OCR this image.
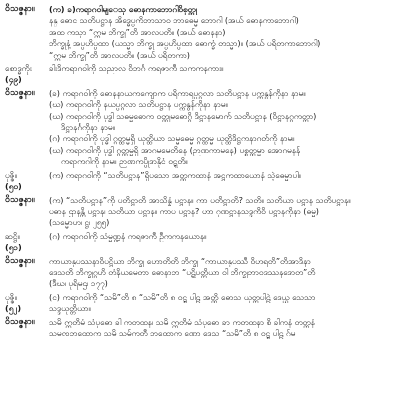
ဝိသဇ္ဇနာ။	(က) ခ)ကရာဂဝါမျ​ေသု ဓောနကာဘောဂါဝိစုတ္တု
နန္ ဓောင သတိပဋ္ဌာန အိဒ္ဓေပ္ပကိဘာသာဝ ဘာဓေမ္မ ဘောဂါ (အယ် ဓောနကာဘောဂါ)
အထ ကသှာ “ဣမ ဘိက္ခု”တိ အာလပတိ။ (အယ် ဓောနနာ)
ဘိက္ခုနံ့ အပ္ပဟိပ္ပထာ (ယသ္မာ ဘိက္ခု အပ္ပဟိပ္ပထာ ဓောက္ခံ တသ္မာ)။ (အယ် ပရိတကာဘောဂါ)
“ဣမ ဘိက္ခု”တိ အာလပတိ။ (အယ် ပရိတကာ)
စောဒ္ဓကိုး
(၄၉)
ခါးဒိကရာဂဝါကို သညာလ ဝိဘင်္ဂ ကရဇာကီ သကကနကား။
ဝိသဇ္ဇနာ။	(ခ) ကရာဂဝါကို ဓောနနာယကကျောက ပရိကာရပ္ပဂ္ဂလာ သတိပဋ္ဌာန ပက္ကနွန်ကိုနာ နာမ။
(ဃ) ကရာဂဝါကို နယပ္ပဂ္ဂလာ သတိပဋ္ဌာန ပက္ကနွန်ကိုနာ နာမ။
(ဃ) ကရာဂဝါကို ပုဒ္ဓါ သဓမ္မဓောက ဝတ္ထုမဓောဂ္ဂိ ဒိဋ္ဌာနမောက် သတိပဋ္ဌာန (ဝိဋ္ဌာနဂ္ဂကတ္တာ)
ဒိဋ္ဌာနင်္ဂကိုနာ နာမ။
(ဂ) ကရာဂဝါကို ပုဒ္ဓါ ဂ္ဂတ္ထမ္မရှိ ယုတ္ထိယာ သမ္မဓေမ္မ ဂ္ဂတ္ထမ္မ ယုတ္ထိဒိဋ္ဌကနာဂတ်ကို နာမ။
(ဃ) ကရာဂဝါကို ပုဒ္ဓါ ဂ္ဂတ္ထမ္မရှိ အာဂမမေတိနေ (ဉာဏကာမနေ) ပစ္စတ္ထမ္မာ အောဂမနန်
ကရာကဂါကို နာမ။ ဉာဏကပ္ပိုဒာနိုငံ ဝဋ္ဋတိ။
ပုဇ္ဇိ။
(၅၀)
(က) ကရာဂဝါကို “သတိပဋ္ဌာန”ရှိပသော အတ္ထကထာနံ အဋ္ဌကထာယောနံ သဲ့ဓေမ္မာပါ။
ဝိသဇ္ဇနာ။	(က) “သတိပဋ္ဌာန”ကို ပတိဋ္ဌာတိ အာသိန္နံ ပဋ္ဌာန။ ကာ ပတိဋ္ဌာတိ? သတိ။ သတိယာ ပဋ္ဌာန သတိပဋ္ဌာန။
ပဓာန ဌာနန္တိ ပဋ္ဌာန၊ သတိယာ ပဋ္ဌာန။ ကာပ ပဋ္ဌာန? ဟာ ဂုဏဋ္ဌာနသဒ္ဒကိဝိ ပဋ္ဌာနကိုနာ (ဓမ္မ)
(သမ္မောဟ၊ ဋ္ဌ၊ ၂၅၅)
ဆဋ္ဌိ။
(၅၁)
(ဂ) ကရာဂဝါကို သံမ္မဏ္ဍနံ ကရဇာကီ ဦကကနယောန။
ဝိသဇ္ဇနာ။	ကာယာနုပဿနာဝိပဋ္ဌိယာ ဘိက္ခု ဟောတိတိ ဘိက္ခု “ကာယာနုပဿီ ဝိဟရတိ”တိအာဒိနာ
ဒေသတိ ဘိက္ခုဂ္ဂဟိ တံနိယမေတာ ဓောနာဘ “ပဋိပတ္တိယာ ဝါ ဘိက္ခုဘာဝဒဿနဒောတ”တိ
(ဒီဃ၊ ပုရိမဌ၊ ၁၇၇)
ပုဇ္ဇိ။
(၅၂)
(င) ကရာဂဝါကို “သမိ”တိ ၈ “သမိ”တိ ၈ ဝဋ္ဋ ပါဠ အတ္ထိ ဓောသ ယုတ္တပါဠဲ ဒေယ္ယ သေသာ
သဒ္ဒယုတ္တိယာ။
ဝိသဇ္ဇနာ။	သမိ ဣတိမံ သံပုဓော ခါ ကတထန၊ သမိ ဣတိမံ သံပုဓော ခာ ကတထနာ စိ ခါကနံ တတ္တနံ
သမၸဘထောက သမိ သမ်ကတီ ဘထောက ဏော ဒေသ “သမိ”တိ ၈ ဝဋ္ဋ ပါဠ ဂ်မ
